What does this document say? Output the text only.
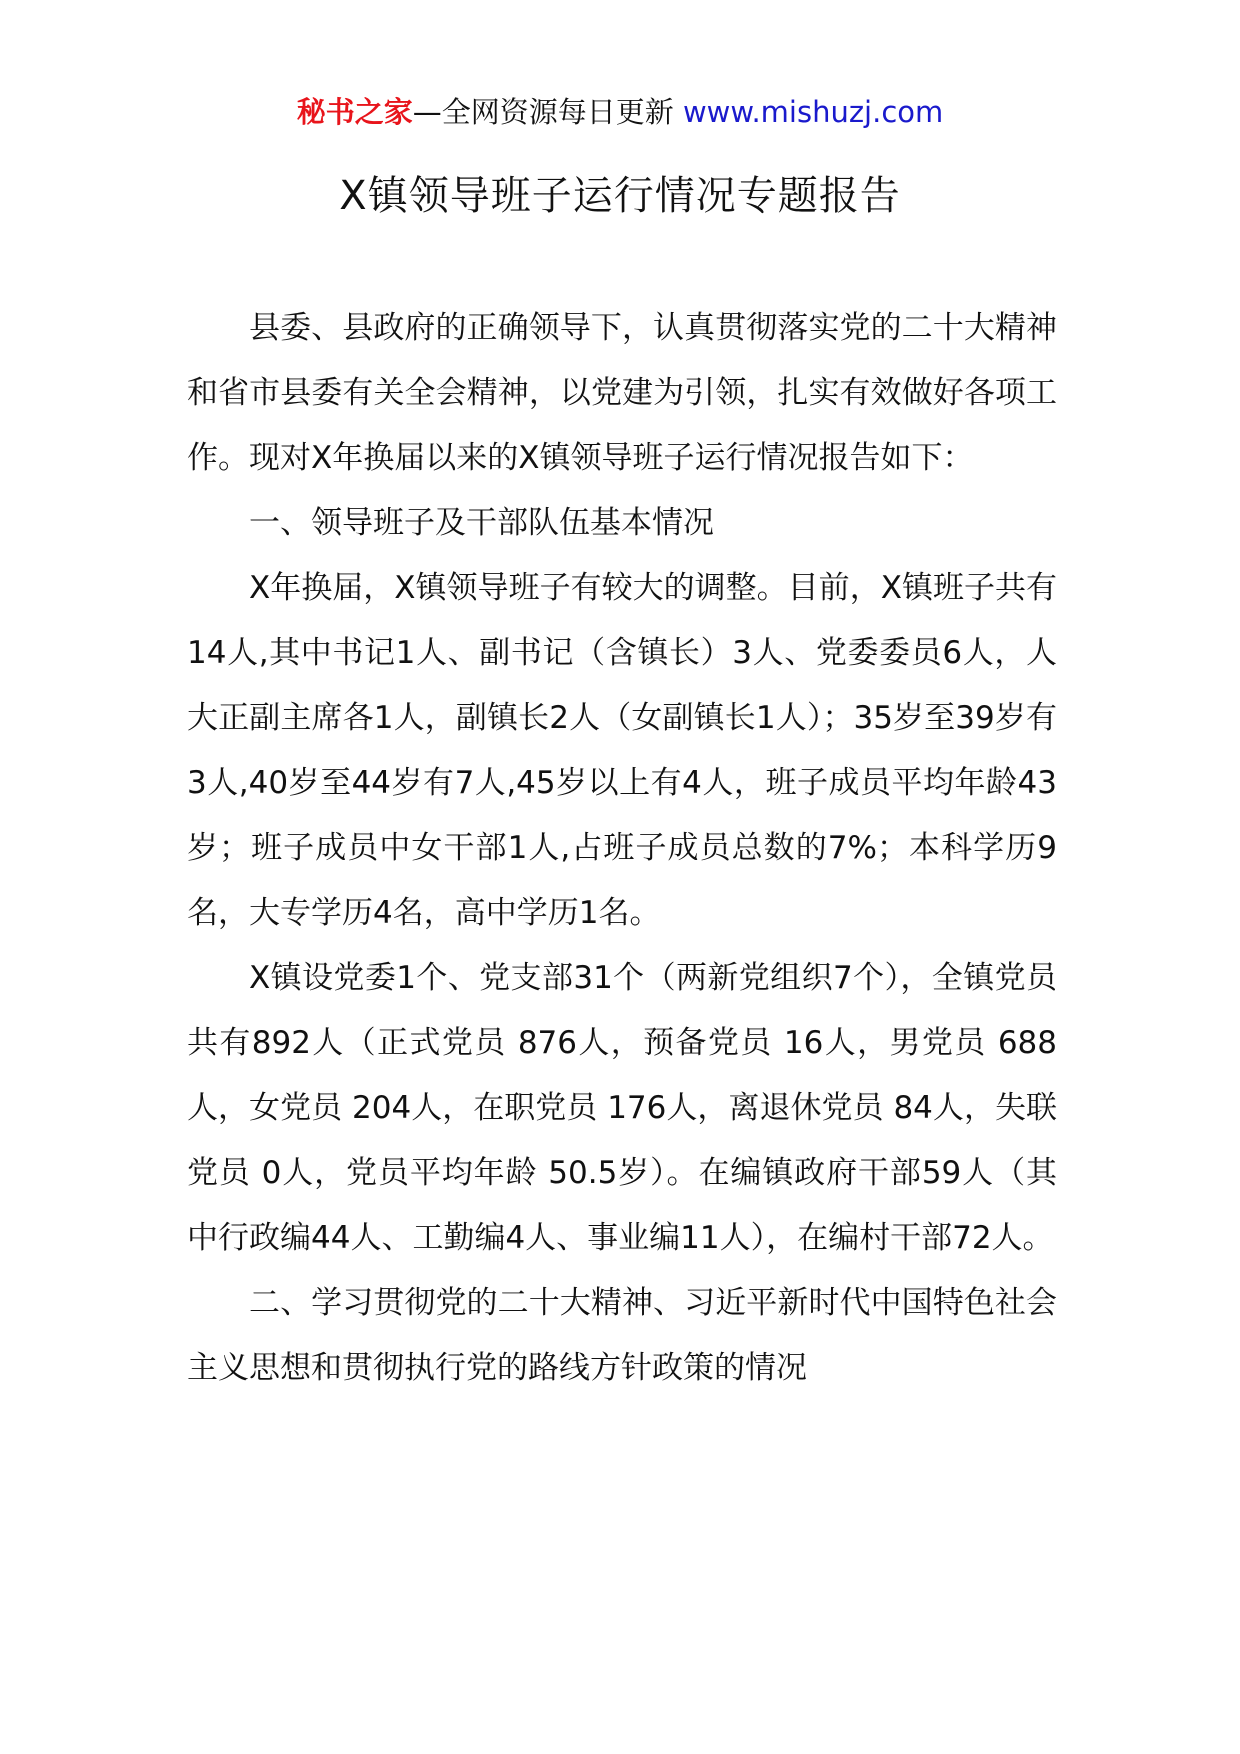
秘书之家—全网资源每日更新 www.mishuzj.com
X镇领导班子运行情况专题报告

县委、县政府的正确领导下，认真贯彻落实党的二十大精神和省市县委有关全会精神，以党建为引领，扎实有效做好各项工作。现对X年换届以来的X镇领导班子运行情况报告如下：

一、领导班子及干部队伍基本情况

X年换届，X镇领导班子有较大的调整。目前，X镇班子共有14人,其中书记1人、副书记（含镇长）3人、党委委员6人，人大正副主席各1人，副镇长2人（女副镇长1人）；35岁至39岁有3人,40岁至44岁有7人,45岁以上有4人，班子成员平均年龄43岁；班子成员中女干部1人,占班子成员总数的7%；本科学历9名，大专学历4名，高中学历1名。

X镇设党委1个、党支部31个（两新党组织7个），全镇党员共有892人（正式党员 876人，预备党员 16人，男党员 688人，女党员 204人，在职党员 176人，离退休党员 84人，失联党员 0人，党员平均年龄 50.5岁）。在编镇政府干部59人（其中行政编44人、工勤编4人、事业编11人），在编村干部72人。

二、学习贯彻党的二十大精神、习近平新时代中国特色社会主义思想和贯彻执行党的路线方针政策的情况
